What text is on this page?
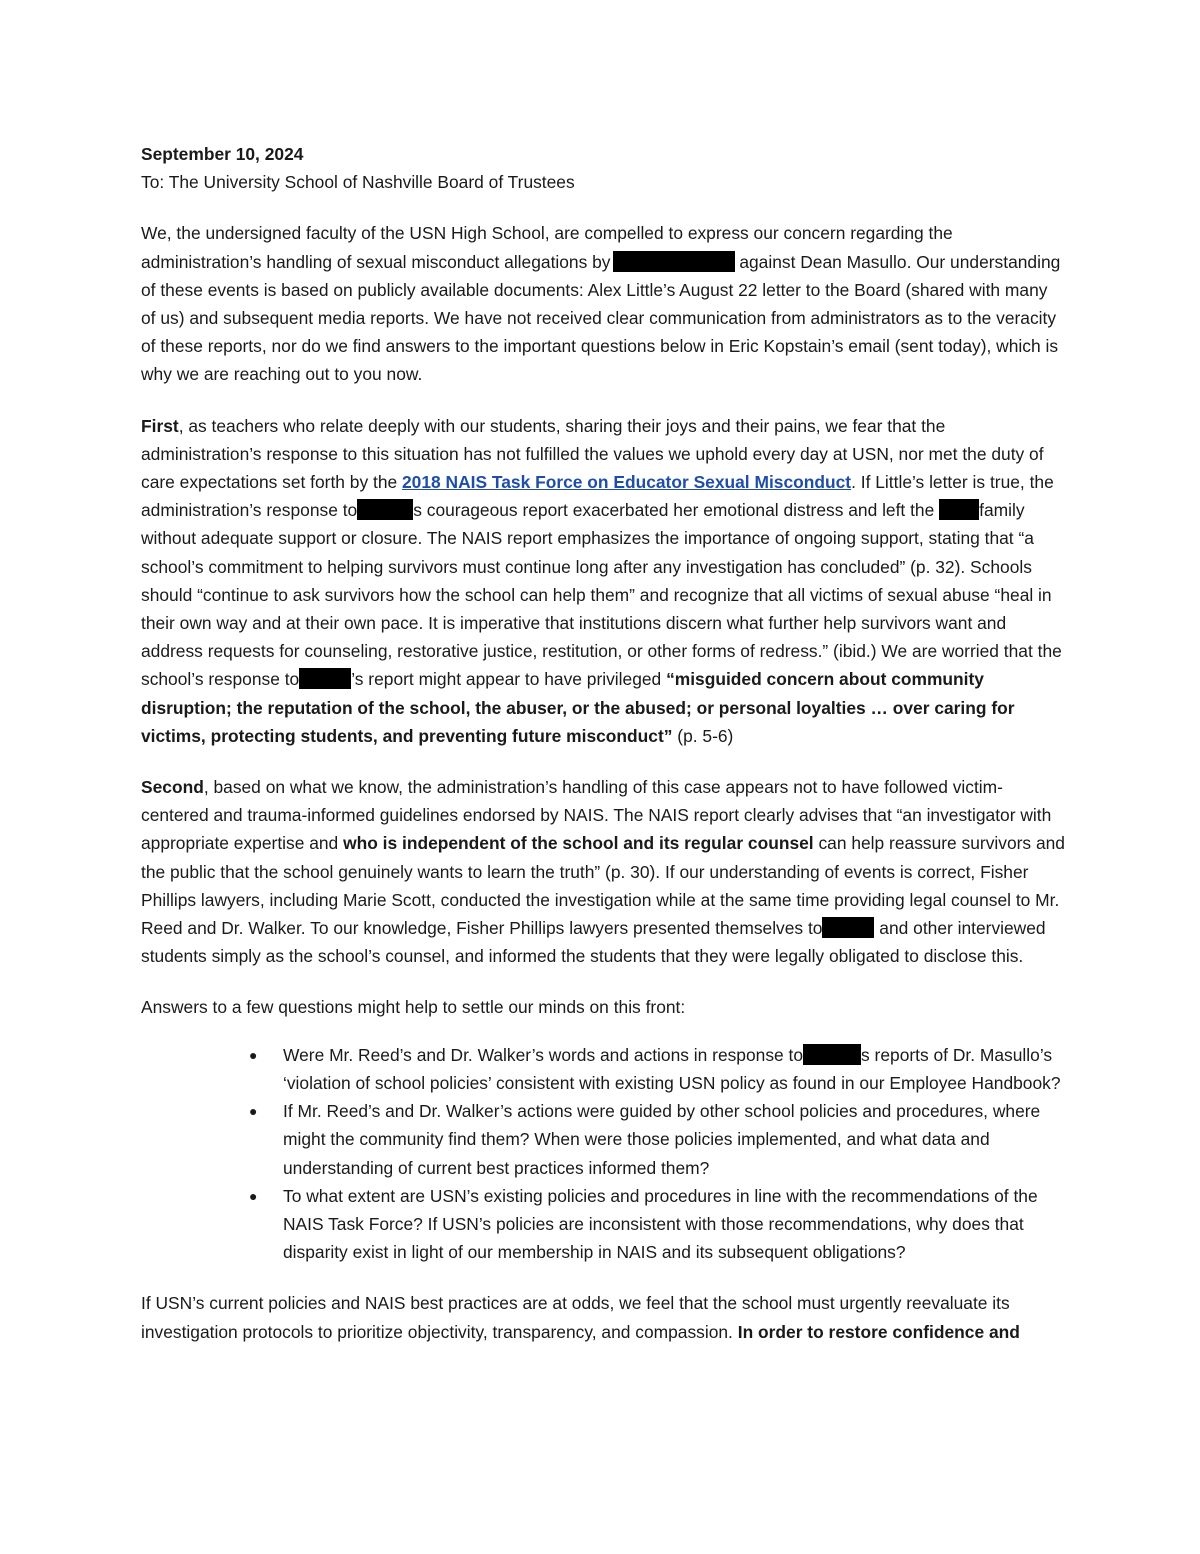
September 10, 2024

To: The University School of Nashville Board of Trustees

We, the undersigned faculty of the USN High School, are compelled to express our concern regarding the administration’s handling of sexual misconduct allegations by	against Dean Masullo. Our understanding of these events is based on publicly available documents: Alex Little’s August 22 letter to the Board (shared with many of us) and subsequent media reports. We have not received clear communication from administrators as to the veracity of these reports, nor do we find answers to the important questions below in Eric Kopstain’s email (sent today), which is why we are reaching out to you now.

First, as teachers who relate deeply with our students, sharing their joys and their pains, we fear that the administration’s response to this situation has not fulfilled the values we uphold every day at USN, nor met the duty of care expectations set forth by the 2018 NAIS Task Force on Educator Sexual Misconduct. If Little’s letter is true, the administration’s response to	s courageous report exacerbated her emotional distress and left the family without adequate support or closure. The NAIS report emphasizes the importance of ongoing support, stating that “a school’s commitment to helping survivors must continue long after any investigation has concluded” (p. 32). Schools should “continue to ask survivors how the school can help them” and recognize that all victims of sexual abuse “heal in their own way and at their own pace. It is imperative that institutions discern what further help survivors want and address requests for counseling, restorative justice, restitution, or other forms of redress.” (ibid.) We are worried that the school’s response to	’s report might appear to have privileged “misguided concern about community disruption; the reputation of the school, the abuser, or the abused; or personal loyalties … over caring for victims, protecting students, and preventing future misconduct” (p. 5-6)

Second, based on what we know, the administration’s handling of this case appears not to have followed victim-centered and trauma-informed guidelines endorsed by NAIS. The NAIS report clearly advises that “an investigator with appropriate expertise and who is independent of the school and its regular counsel can help reassure survivors and the public that the school genuinely wants to learn the truth” (p. 30). If our understanding of events is correct, Fisher Phillips lawyers, including Marie Scott, conducted the investigation while at the same time providing legal counsel to Mr. Reed and Dr. Walker. To our knowledge, Fisher Phillips lawyers presented themselves to	and other interviewed students simply as the school’s counsel, and informed the students that they were legally obligated to disclose this.

Answers to a few questions might help to settle our minds on this front:

● Were Mr. Reed’s and Dr. Walker’s words and actions in response to	s reports of Dr. Masullo’s ‘violation of school policies’ consistent with existing USN policy as found in our Employee Handbook?
● If Mr. Reed’s and Dr. Walker’s actions were guided by other school policies and procedures, where might the community find them? When were those policies implemented, and what data and understanding of current best practices informed them?
● To what extent are USN’s existing policies and procedures in line with the recommendations of the NAIS Task Force? If USN’s policies are inconsistent with those recommendations, why does that disparity exist in light of our membership in NAIS and its subsequent obligations?

If USN’s current policies and NAIS best practices are at odds, we feel that the school must urgently reevaluate its investigation protocols to prioritize objectivity, transparency, and compassion. In order to restore confidence and
